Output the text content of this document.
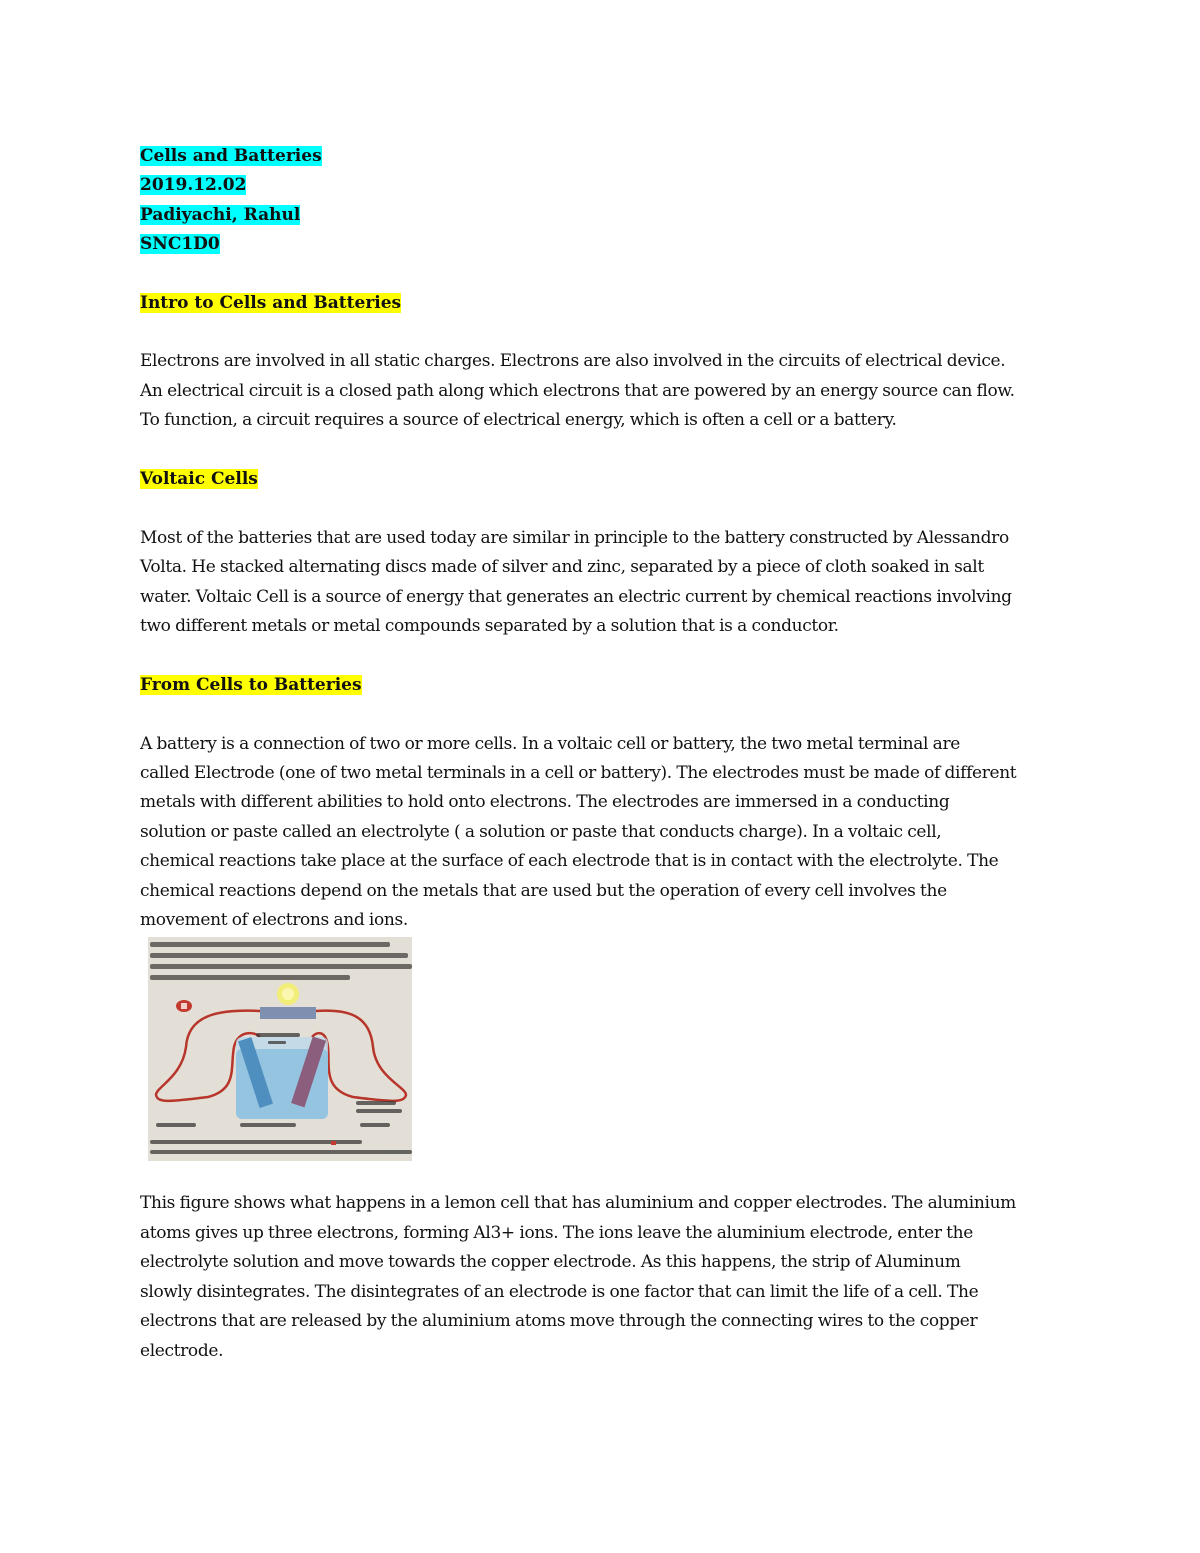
Cells and Batteries
2019.12.02
Padiyachi, Rahul
SNC1D0
Intro to Cells and Batteries
Electrons are involved in all static charges. Electrons are also involved in the circuits of electrical device.
An electrical circuit is a closed path along which electrons that are powered by an energy source can flow.
To function, a circuit requires a source of electrical energy, which is often a cell or a battery.
Voltaic Cells
Most of the batteries that are used today are similar in principle to the battery constructed by Alessandro
Volta. He stacked alternating discs made of silver and zinc, separated by a piece of cloth soaked in salt
water. Voltaic Cell is a source of energy that generates an electric current by chemical reactions involving
two different metals or metal compounds separated by a solution that is a conductor.
From Cells to Batteries
A battery is a connection of two or more cells. In a voltaic cell or battery, the two metal terminal are
called Electrode (one of two metal terminals in a cell or battery). The electrodes must be made of different
metals with different abilities to hold onto electrons. The electrodes are immersed in a conducting
solution or paste called an electrolyte ( a solution or paste that conducts charge). In a voltaic cell,
chemical reactions take place at the surface of each electrode that is in contact with the electrolyte. The
chemical reactions depend on the metals that are used but the operation of every cell involves the
movement of electrons and ions.
This figure shows what happens in a lemon cell that has aluminium and copper electrodes. The aluminium
atoms gives up three electrons, forming Al3+ ions. The ions leave the aluminium electrode, enter the
electrolyte solution and move towards the copper electrode. As this happens, the strip of Aluminum
slowly disintegrates. The disintegrates of an electrode is one factor that can limit the life of a cell. The
electrons that are released by the aluminium atoms move through the connecting wires to the copper
electrode.
